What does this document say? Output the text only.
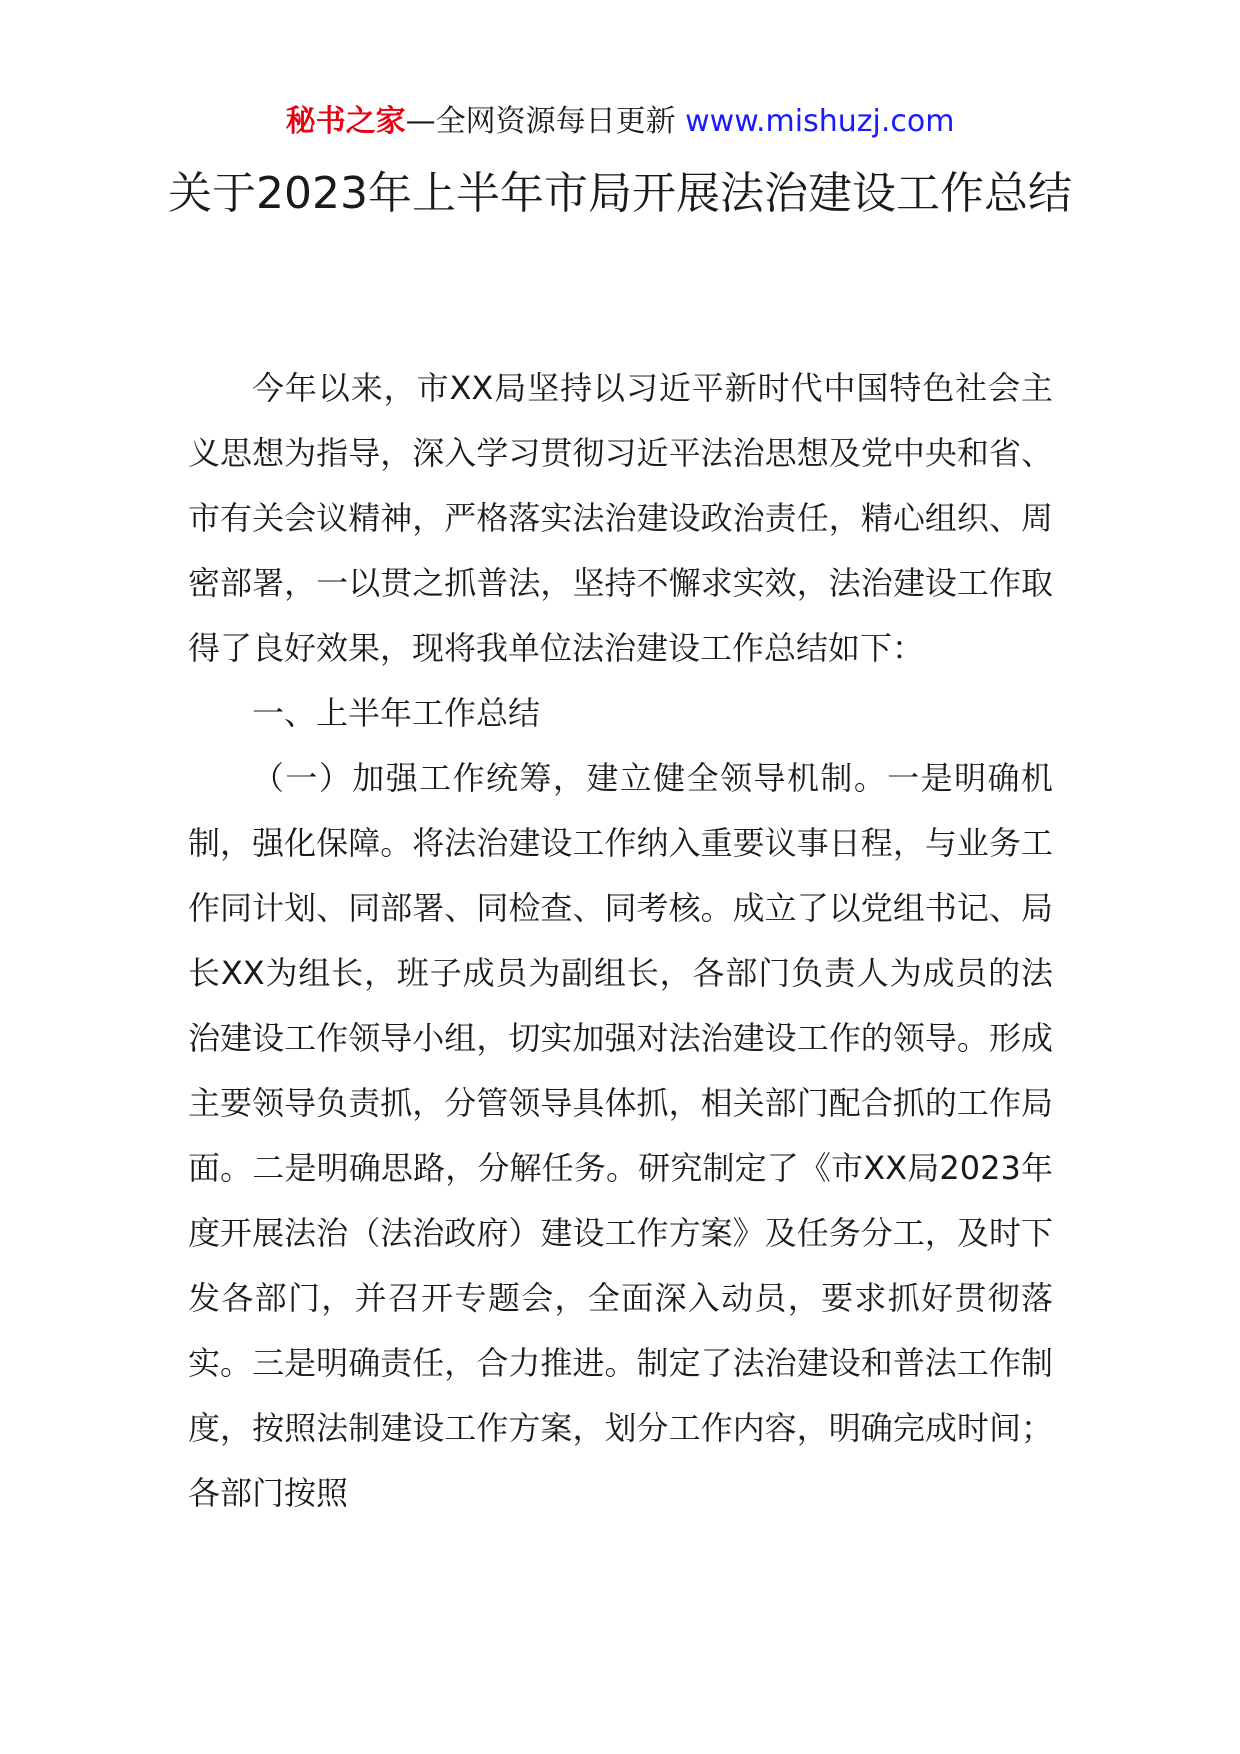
秘书之家—全网资源每日更新 www.mishuzj.com
关于2023年上半年市局开展法治建设工作总结

今年以来，市XX局坚持以习近平新时代中国特色社会主义思想为指导，深入学习贯彻习近平法治思想及党中央和省、市有关会议精神，严格落实法治建设政治责任，精心组织、周密部署，一以贯之抓普法，坚持不懈求实效，法治建设工作取得了良好效果，现将我单位法治建设工作总结如下：

一、上半年工作总结

（一）加强工作统筹，建立健全领导机制。一是明确机制，强化保障。将法治建设工作纳入重要议事日程，与业务工作同计划、同部署、同检查、同考核。成立了以党组书记、局长XX为组长，班子成员为副组长，各部门负责人为成员的法治建设工作领导小组，切实加强对法治建设工作的领导。形成主要领导负责抓，分管领导具体抓，相关部门配合抓的工作局面。二是明确思路，分解任务。研究制定了《市XX局2023年度开展法治（法治政府）建设工作方案》及任务分工，及时下发各部门，并召开专题会，全面深入动员，要求抓好贯彻落实。三是明确责任，合力推进。制定了法治建设和普法工作制度，按照法制建设工作方案，划分工作内容，明确完成时间；各部门按照
